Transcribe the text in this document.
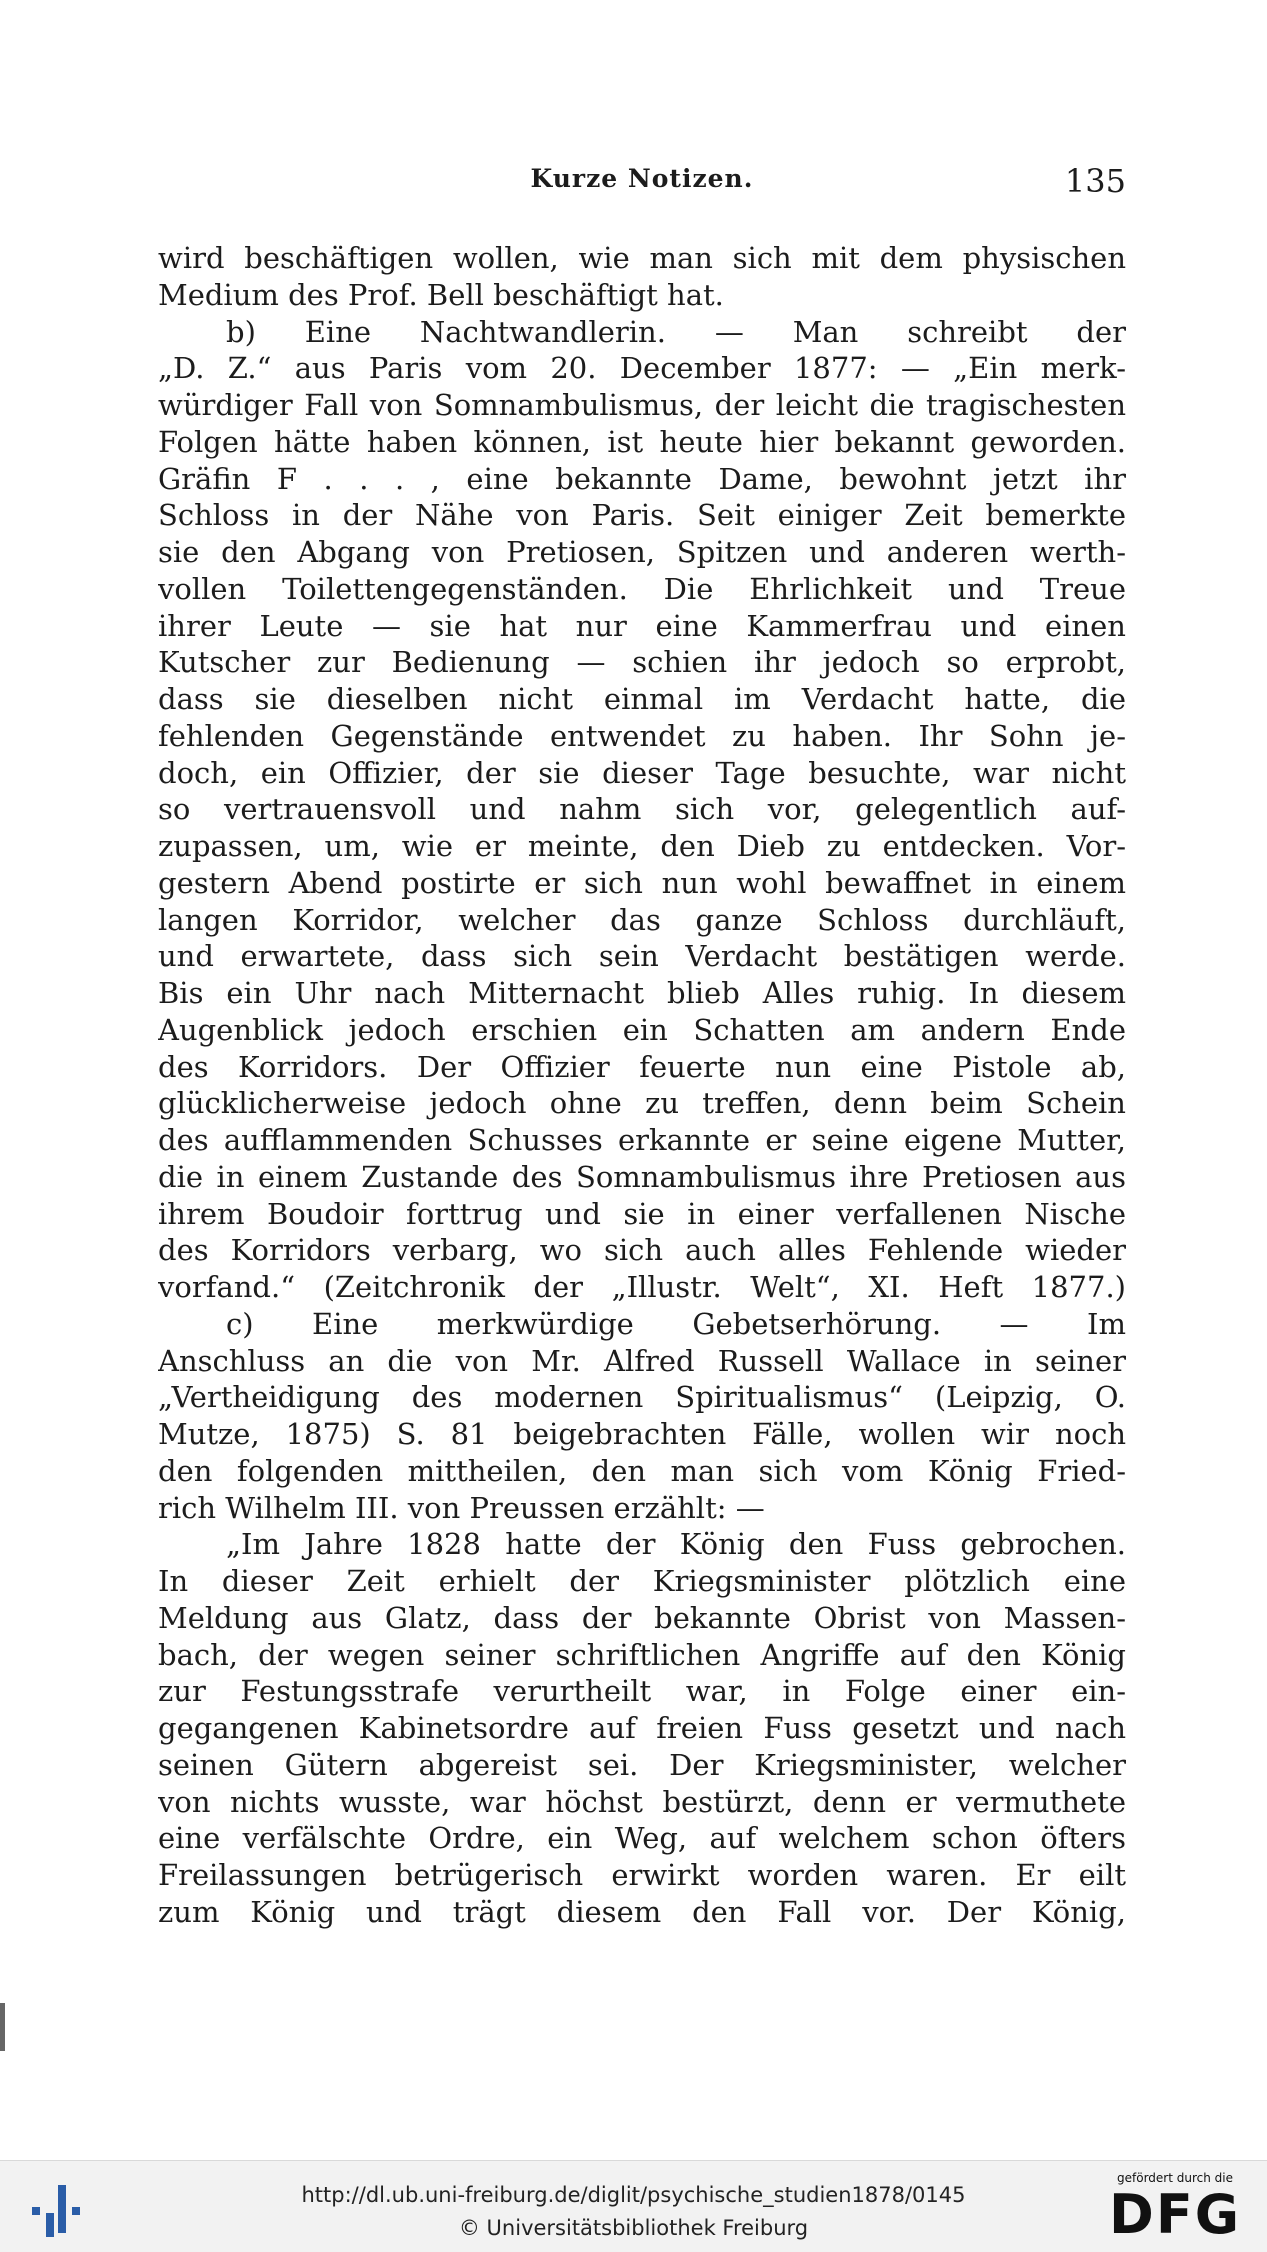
Kurze Notizen.	135
wird beschäftigen wollen, wie man sich mit dem physischen
Medium des Prof. Bell beschäftigt hat.
b) Eine Nachtwandlerin. — Man schreibt der
„D. Z.“ aus Paris vom 20. December 1877: — „Ein merk-
würdiger Fall von Somnambulismus, der leicht die tragischesten
Folgen hätte haben können, ist heute hier bekannt geworden.
Gräfin F . . . , eine bekannte Dame, bewohnt jetzt ihr
Schloss in der Nähe von Paris. Seit einiger Zeit bemerkte
sie den Abgang von Pretiosen, Spitzen und anderen werth-
vollen Toilettengegenständen. Die Ehrlichkeit und Treue
ihrer Leute — sie hat nur eine Kammerfrau und einen
Kutscher zur Bedienung — schien ihr jedoch so erprobt,
dass sie dieselben nicht einmal im Verdacht hatte, die
fehlenden Gegenstände entwendet zu haben. Ihr Sohn je-
doch, ein Offizier, der sie dieser Tage besuchte, war nicht
so vertrauensvoll und nahm sich vor, gelegentlich auf-
zupassen, um, wie er meinte, den Dieb zu entdecken. Vor-
gestern Abend postirte er sich nun wohl bewaffnet in einem
langen Korridor, welcher das ganze Schloss durchläuft,
und erwartete, dass sich sein Verdacht bestätigen werde.
Bis ein Uhr nach Mitternacht blieb Alles ruhig. In diesem
Augenblick jedoch erschien ein Schatten am andern Ende
des Korridors. Der Offizier feuerte nun eine Pistole ab,
glücklicherweise jedoch ohne zu treffen, denn beim Schein
des aufflammenden Schusses erkannte er seine eigene Mutter,
die in einem Zustande des Somnambulismus ihre Pretiosen aus
ihrem Boudoir forttrug und sie in einer verfallenen Nische
des Korridors verbarg, wo sich auch alles Fehlende wieder
vorfand.“ (Zeitchronik der „Illustr. Welt“, XI. Heft 1877.)
c) Eine merkwürdige Gebetserhörung. — Im
Anschluss an die von Mr. Alfred Russell Wallace in seiner
„Vertheidigung des modernen Spiritualismus“ (Leipzig, O.
Mutze, 1875) S. 81 beigebrachten Fälle, wollen wir noch
den folgenden mittheilen, den man sich vom König Fried-
rich Wilhelm III. von Preussen erzählt: —
„Im Jahre 1828 hatte der König den Fuss gebrochen.
In dieser Zeit erhielt der Kriegsminister plötzlich eine
Meldung aus Glatz, dass der bekannte Obrist von Massen-
bach, der wegen seiner schriftlichen Angriffe auf den König
zur Festungsstrafe verurtheilt war, in Folge einer ein-
gegangenen Kabinetsordre auf freien Fuss gesetzt und nach
seinen Gütern abgereist sei. Der Kriegsminister, welcher
von nichts wusste, war höchst bestürzt, denn er vermuthete
eine verfälschte Ordre, ein Weg, auf welchem schon öfters
Freilassungen betrügerisch erwirkt worden waren. Er eilt
zum König und trägt diesem den Fall vor. Der König,
http://dl.ub.uni-freiburg.de/diglit/psychische_studien1878/0145
© Universitätsbibliothek Freiburg
gefördert durch die
DFG
